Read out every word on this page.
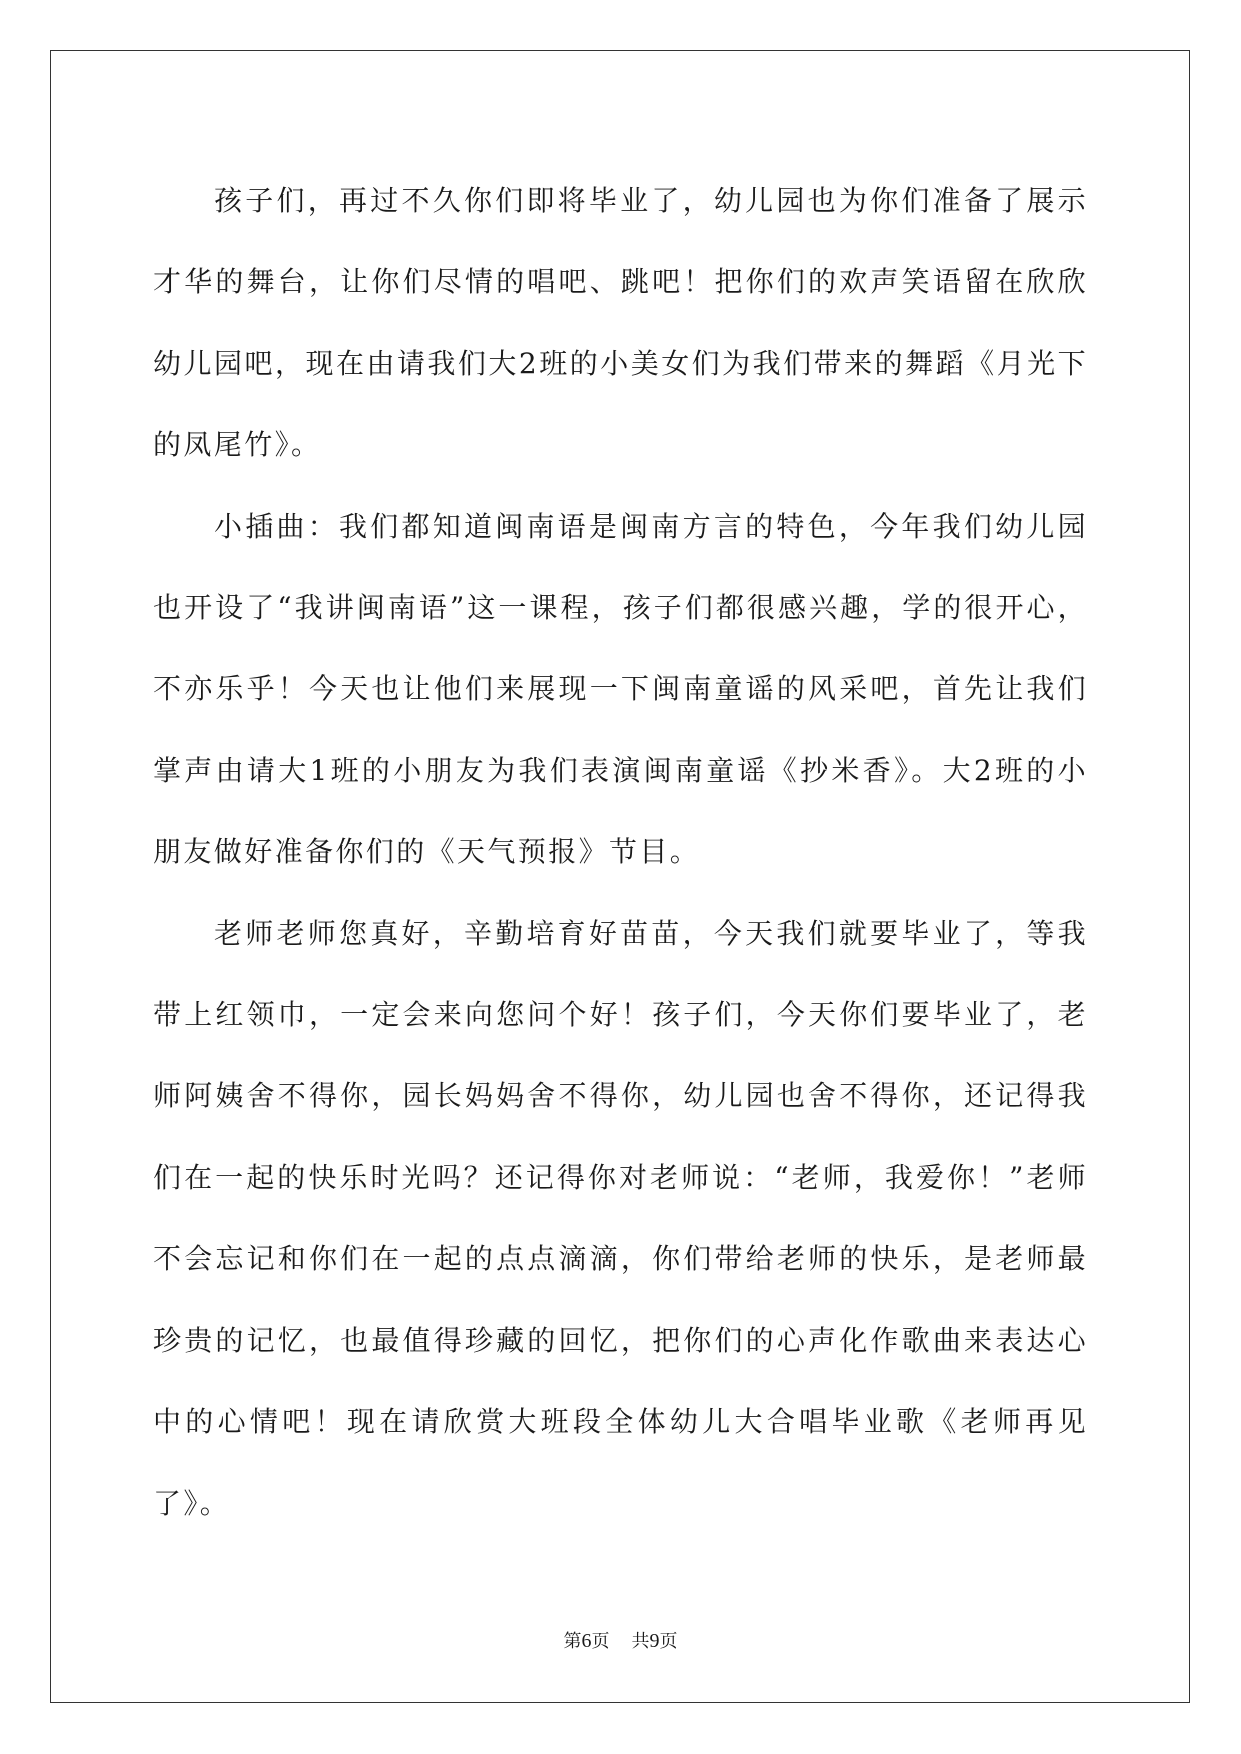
孩子们，再过不久你们即将毕业了，幼儿园也为你们准备了展示才华的舞台，让你们尽情的唱吧、跳吧！把你们的欢声笑语留在欣欣幼儿园吧，现在由请我们大2班的小美女们为我们带来的舞蹈《月光下的凤尾竹》。

小插曲：我们都知道闽南语是闽南方言的特色，今年我们幼儿园也开设了“我讲闽南语”这一课程，孩子们都很感兴趣，学的很开心，不亦乐乎！今天也让他们来展现一下闽南童谣的风采吧，首先让我们掌声由请大1班的小朋友为我们表演闽南童谣《抄米香》。大2班的小朋友做好准备你们的《天气预报》节目。

老师老师您真好，辛勤培育好苗苗，今天我们就要毕业了，等我带上红领巾，一定会来向您问个好！孩子们，今天你们要毕业了，老师阿姨舍不得你，园长妈妈舍不得你，幼儿园也舍不得你，还记得我们在一起的快乐时光吗？还记得你对老师说：“老师，我爱你！”老师不会忘记和你们在一起的点点滴滴，你们带给老师的快乐，是老师最珍贵的记忆，也最值得珍藏的回忆，把你们的心声化作歌曲来表达心中的心情吧！现在请欣赏大班段全体幼儿大合唱毕业歌《老师再见了》。

第6页 共9页
